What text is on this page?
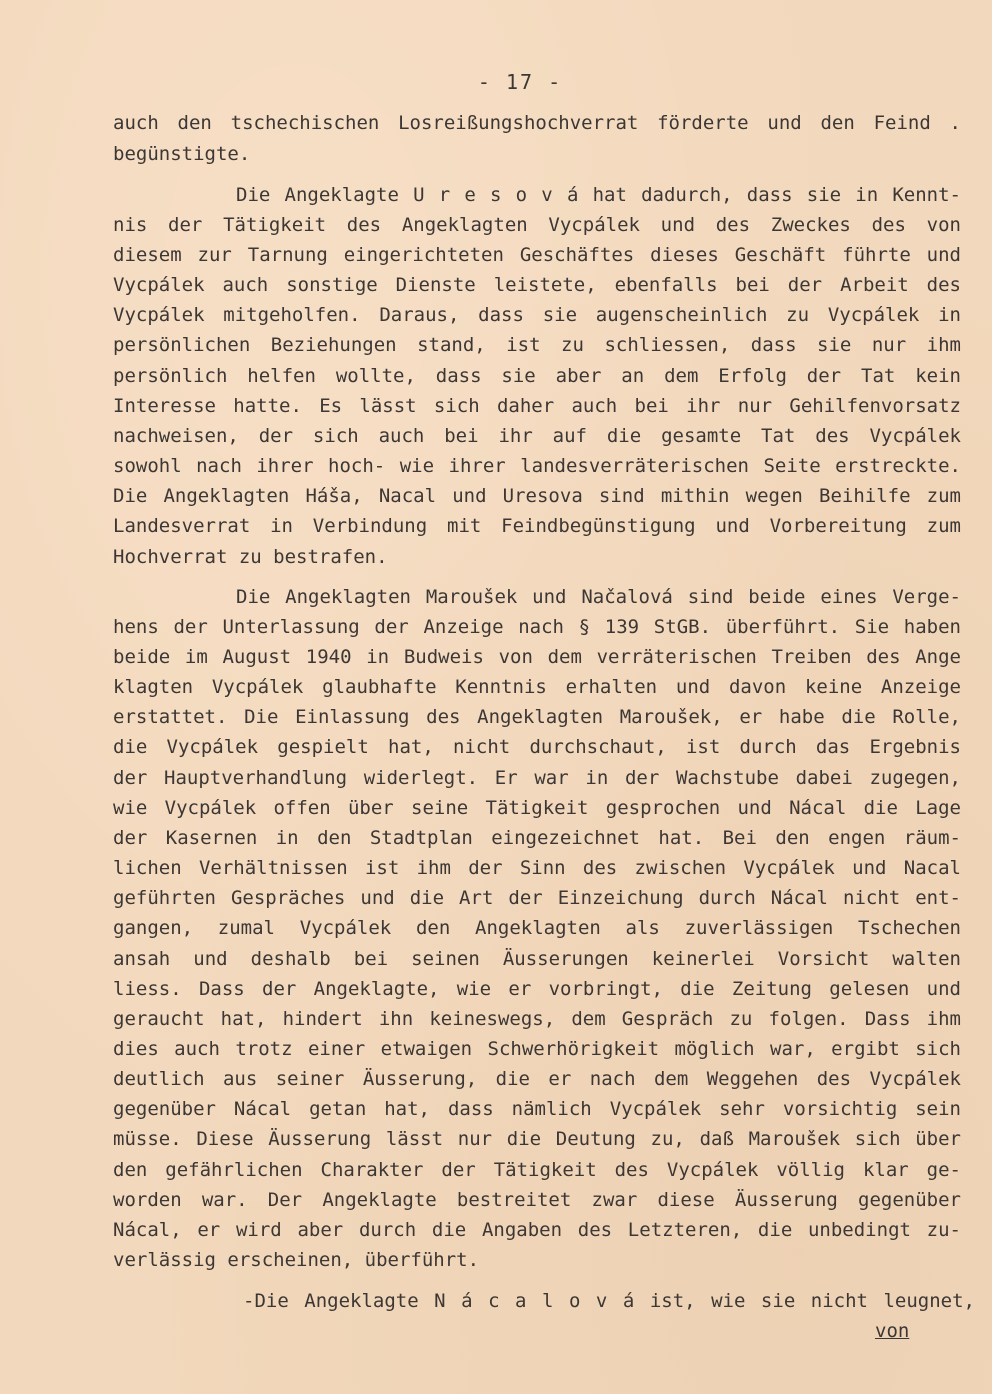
- 17 -
auch den tschechischen Losreißungshochverrat förderte und den Feind .
begünstigte.
Die Angeklagte U r e s o v á hat dadurch, dass sie in Kennt-
nis der Tätigkeit des Angeklagten Vycpálek und des Zweckes des von
diesem zur Tarnung eingerichteten Geschäftes dieses Geschäft führte und
Vycpálek auch sonstige Dienste leistete, ebenfalls bei der Arbeit des
Vycpálek mitgeholfen. Daraus, dass sie augenscheinlich zu Vycpálek in
persönlichen Beziehungen stand, ist zu schliessen, dass sie nur ihm
persönlich helfen wollte, dass sie aber an dem Erfolg der Tat kein
Interesse hatte. Es lässt sich daher auch bei ihr nur Gehilfenvorsatz
nachweisen, der sich auch bei ihr auf die gesamte Tat des Vycpálek
sowohl nach ihrer hoch- wie ihrer landesverräterischen Seite erstreckte.
Die Angeklagten Háša, Nacal und Uresova sind mithin wegen Beihilfe zum
Landesverrat in Verbindung mit Feindbegünstigung und Vorbereitung zum
Hochverrat zu bestrafen.
Die Angeklagten Maroušek und Načalová sind beide eines Verge-
hens der Unterlassung der Anzeige nach § 139 StGB. überführt. Sie haben
beide im August 1940 in Budweis von dem verräterischen Treiben des Ange
klagten Vycpálek glaubhafte Kenntnis erhalten und davon keine Anzeige
erstattet. Die Einlassung des Angeklagten Maroušek, er habe die Rolle,
die Vycpálek gespielt hat, nicht durchschaut, ist durch das Ergebnis
der Hauptverhandlung widerlegt. Er war in der Wachstube dabei zugegen,
wie Vycpálek offen über seine Tätigkeit gesprochen und Nácal die Lage
der Kasernen in den Stadtplan eingezeichnet hat. Bei den engen räum-
lichen Verhältnissen ist ihm der Sinn des zwischen Vycpálek und Nacal
geführten Gespräches und die Art der Einzeichung durch Nácal nicht ent-
gangen, zumal Vycpálek den Angeklagten als zuverlässigen Tschechen
ansah und deshalb bei seinen Äusserungen keinerlei Vorsicht walten
liess. Dass der Angeklagte, wie er vorbringt, die Zeitung gelesen und
geraucht hat, hindert ihn keineswegs, dem Gespräch zu folgen. Dass ihm
dies auch trotz einer etwaigen Schwerhörigkeit möglich war, ergibt sich
deutlich aus seiner Äusserung, die er nach dem Weggehen des Vycpálek
gegenüber Nácal getan hat, dass nämlich Vycpálek sehr vorsichtig sein
müsse. Diese Äusserung lässt nur die Deutung zu, daß Maroušek sich über
den gefährlichen Charakter der Tätigkeit des Vycpálek völlig klar ge-
worden war. Der Angeklagte bestreitet zwar diese Äusserung gegenüber
Nácal, er wird aber durch die Angaben des Letzteren, die unbedingt zu-
verlässig erscheinen, überführt.
-Die Angeklagte N á c a l o v á ist, wie sie nicht leugnet,
von
